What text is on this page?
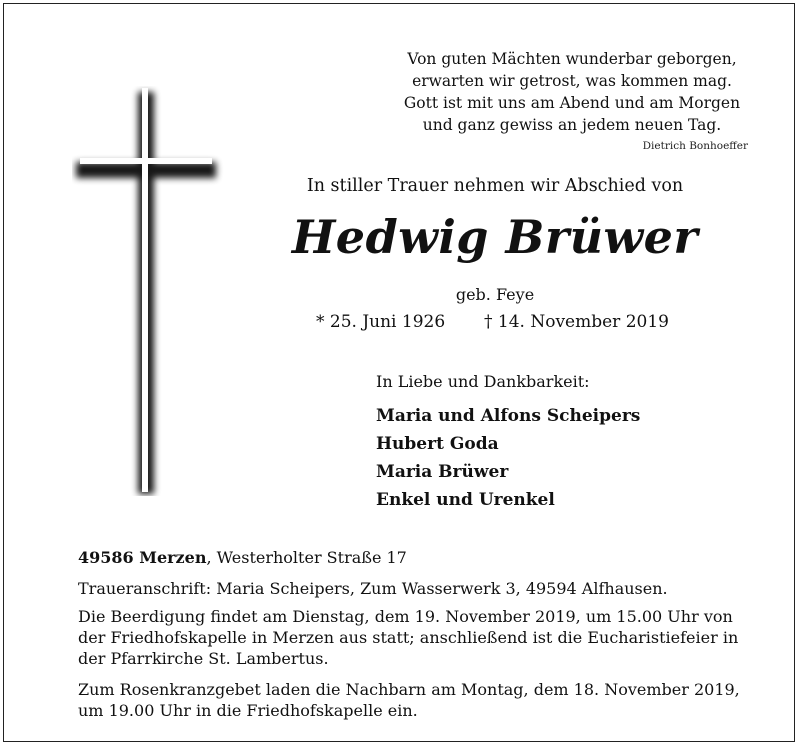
Von guten Mächten wunderbar geborgen,
erwarten wir getrost, was kommen mag.
Gott ist mit uns am Abend und am Morgen
und ganz gewiss an jedem neuen Tag.
Dietrich Bonhoeffer
In stiller Trauer nehmen wir Abschied von
Hedwig Brüwer
geb. Feye
* 25. Juni 1926 † 14. November 2019
In Liebe und Dankbarkeit:
Maria und Alfons Scheipers
Hubert Goda
Maria Brüwer
Enkel und Urenkel
49586 Merzen, Westerholter Straße 17
Traueranschrift: Maria Scheipers, Zum Wasserwerk 3, 49594 Alfhausen.
Die Beerdigung findet am Dienstag, dem 19. November 2019, um 15.00 Uhr von der Friedhofskapelle in Merzen aus statt; anschließend ist die Eucharistiefeier in der Pfarrkirche St. Lambertus.
Zum Rosenkranzgebet laden die Nachbarn am Montag, dem 18. November 2019, um 19.00 Uhr in die Friedhofskapelle ein.
